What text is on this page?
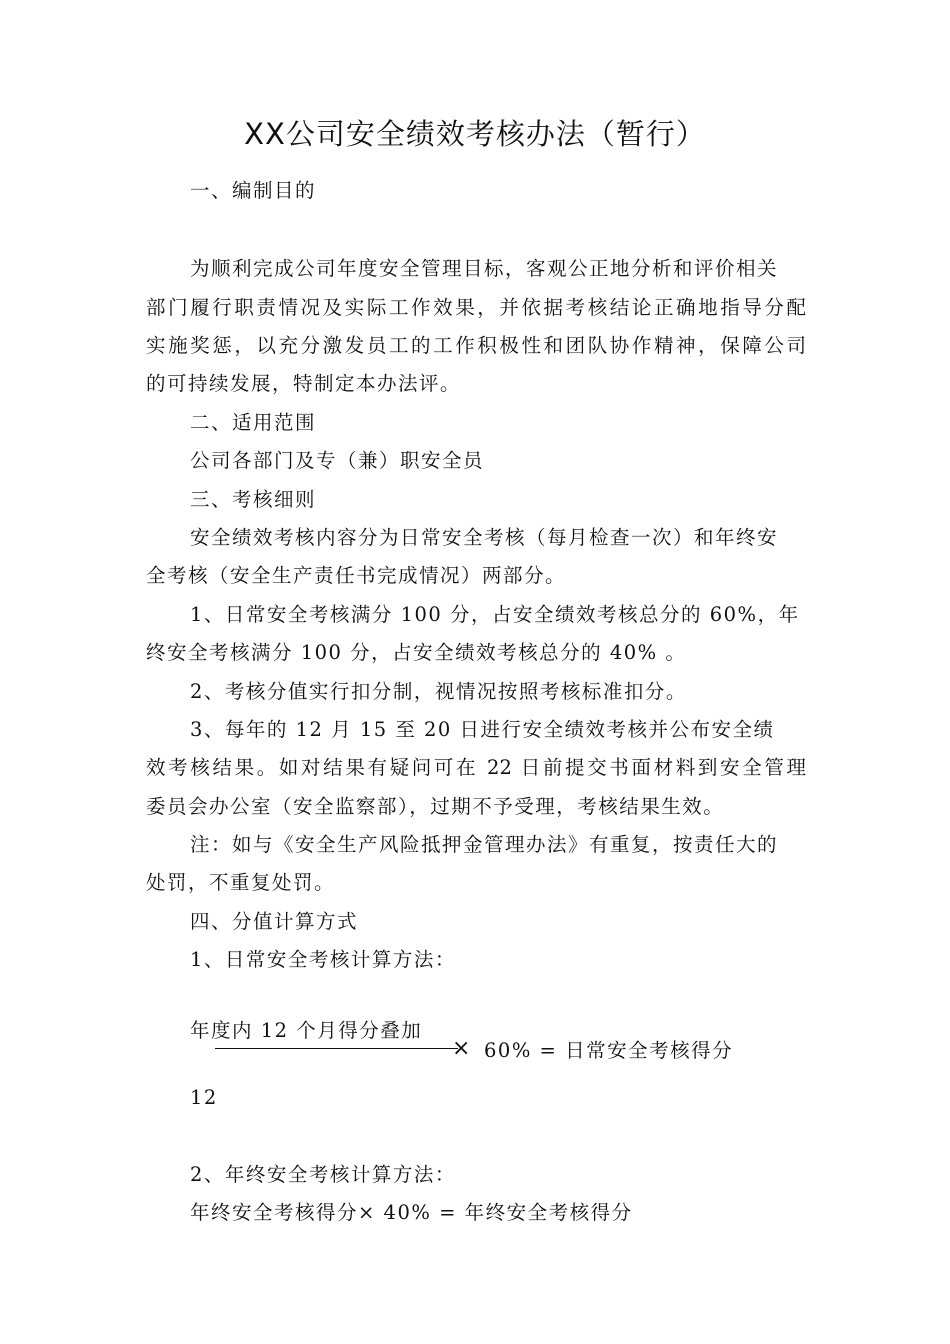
XX公司安全绩效考核办法（暂行）
一、编制目的
为顺利完成公司年度安全管理目标，客观公正地分析和评价相关
部门履行职责情况及实际工作效果，并依据考核结论正确地指导分配
实施奖惩，以充分激发员工的工作积极性和团队协作精神，保障公司
的可持续发展，特制定本办法评。
二、适用范围
公司各部门及专（兼）职安全员
三、考核细则
安全绩效考核内容分为日常安全考核（每月检查一次）和年终安
全考核（安全生产责任书完成情况）两部分。
1、日常安全考核满分 100 分，占安全绩效考核总分的 60%，年
终安全考核满分 100 分，占安全绩效考核总分的 40% 。
2、考核分值实行扣分制，视情况按照考核标准扣分。
3、每年的 12 月 15 至 20 日进行安全绩效考核并公布安全绩
效考核结果。如对结果有疑问可在 22 日前提交书面材料到安全管理
委员会办公室（安全监察部），过期不予受理，考核结果生效。
注：如与《安全生产风险抵押金管理办法》有重复，按责任大的
处罚，不重复处罚。
四、分值计算方式
1、日常安全考核计算方法：
年度内 12 个月得分叠加
× 60% = 日常安全考核得分
12
2、年终安全考核计算方法：
年终安全考核得分× 40% = 年终安全考核得分
